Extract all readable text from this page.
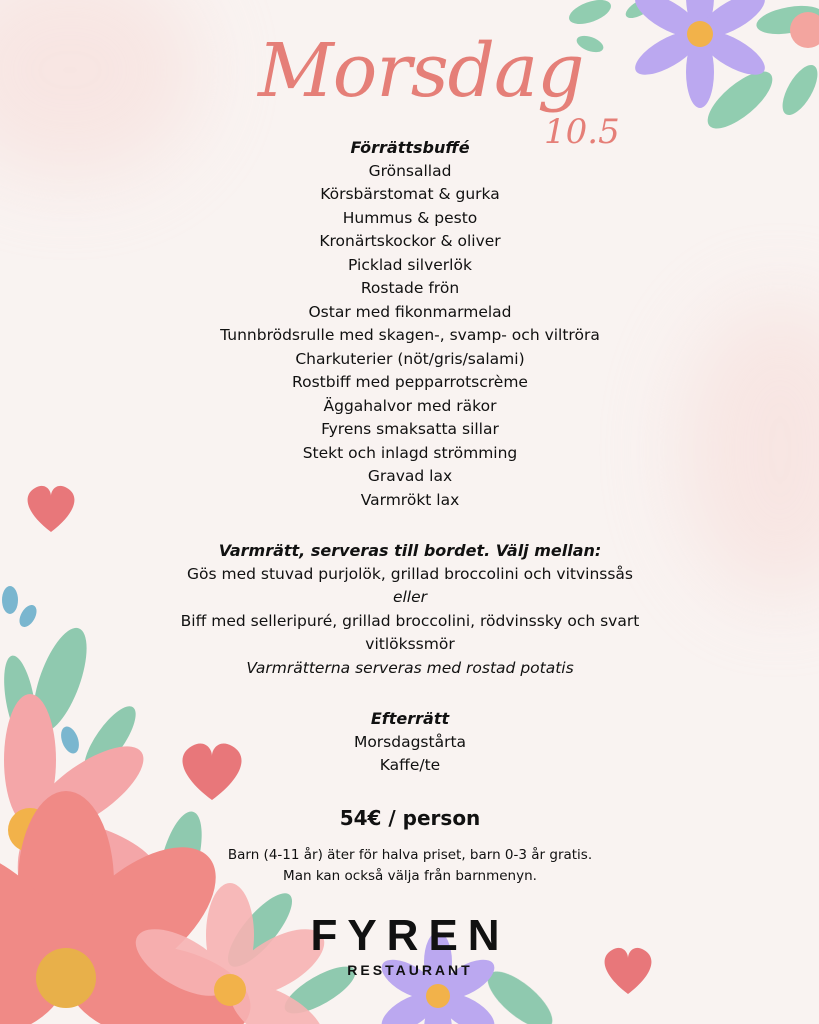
Morsdag
10.5
Förrättsbuffé
Grönsallad
Körsbärstomat & gurka
Hummus & pesto
Kronärtskockor & oliver
Picklad silverlök
Rostade frön
Ostar med fikonmarmelad
Tunnbrödsrulle med skagen-, svamp- och viltröra
Charkuterier (nöt/gris/salami)
Rostbiff med pepparrotscrème
Äggahalvor med räkor
Fyrens smaksatta sillar
Stekt och inlagd strömming
Gravad lax
Varmrökt lax
Varmrätt, serveras till bordet. Välj mellan:
Gös med stuvad purjolök, grillad broccolini och vitvinssås
eller
Biff med selleripuré, grillad broccolini, rödvinssky och svart
vitlökssmör
Varmrätterna serveras med rostad potatis
Efterrätt
Morsdagstårta
Kaffe/te
54€ / person
Barn (4-11 år) äter för halva priset, barn 0-3 år gratis.
Man kan också välja från barnmenyn.
FYREN
RESTAURANT
